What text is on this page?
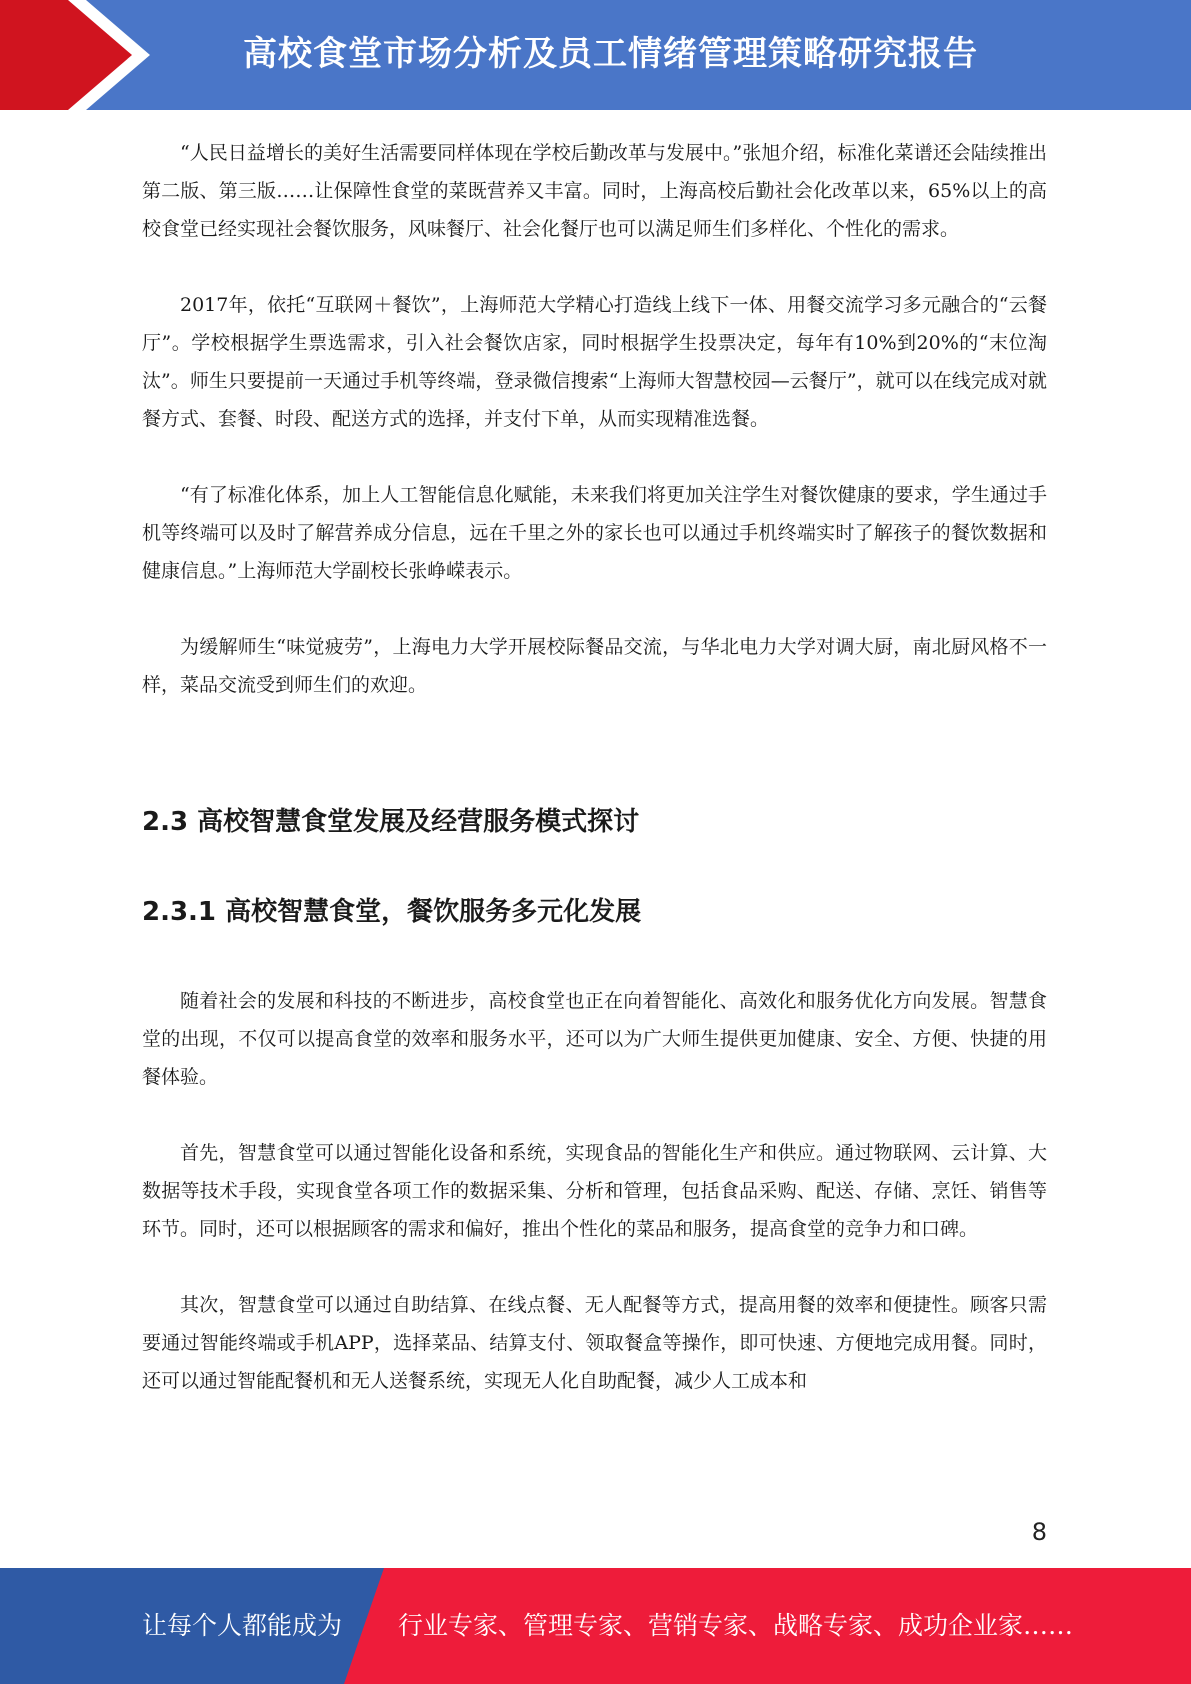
高校食堂市场分析及员工情绪管理策略研究报告

“人民日益增长的美好生活需要同样体现在学校后勤改革与发展中。”张旭介绍，标准化菜谱还会陆续推出第二版、第三版……让保障性食堂的菜既营养又丰富。同时，上海高校后勤社会化改革以来，65%以上的高校食堂已经实现社会餐饮服务，风味餐厅、社会化餐厅也可以满足师生们多样化、个性化的需求。

2017年，依托“互联网＋餐饮”，上海师范大学精心打造线上线下一体、用餐交流学习多元融合的“云餐厅”。学校根据学生票选需求，引入社会餐饮店家，同时根据学生投票决定，每年有10%到20%的“末位淘汰”。师生只要提前一天通过手机等终端，登录微信搜索“上海师大智慧校园—云餐厅”，就可以在线完成对就餐方式、套餐、时段、配送方式的选择，并支付下单，从而实现精准选餐。

“有了标准化体系，加上人工智能信息化赋能，未来我们将更加关注学生对餐饮健康的要求，学生通过手机等终端可以及时了解营养成分信息，远在千里之外的家长也可以通过手机终端实时了解孩子的餐饮数据和健康信息。”上海师范大学副校长张峥嵘表示。

为缓解师生“味觉疲劳”，上海电力大学开展校际餐品交流，与华北电力大学对调大厨，南北厨风格不一样，菜品交流受到师生们的欢迎。

2.3 高校智慧食堂发展及经营服务模式探讨
2.3.1 高校智慧食堂，餐饮服务多元化发展

随着社会的发展和科技的不断进步，高校食堂也正在向着智能化、高效化和服务优化方向发展。智慧食堂的出现，不仅可以提高食堂的效率和服务水平，还可以为广大师生提供更加健康、安全、方便、快捷的用餐体验。

首先，智慧食堂可以通过智能化设备和系统，实现食品的智能化生产和供应。通过物联网、云计算、大数据等技术手段，实现食堂各项工作的数据采集、分析和管理，包括食品采购、配送、存储、烹饪、销售等环节。同时，还可以根据顾客的需求和偏好，推出个性化的菜品和服务，提高食堂的竞争力和口碑。

其次，智慧食堂可以通过自助结算、在线点餐、无人配餐等方式，提高用餐的效率和便捷性。顾客只需要通过智能终端或手机APP，选择菜品、结算支付、领取餐盒等操作，即可快速、方便地完成用餐。同时，还可以通过智能配餐机和无人送餐系统，实现无人化自助配餐，减少人工成本和

8
让每个人都能成为 行业专家、管理专家、营销专家、战略专家、成功企业家……
